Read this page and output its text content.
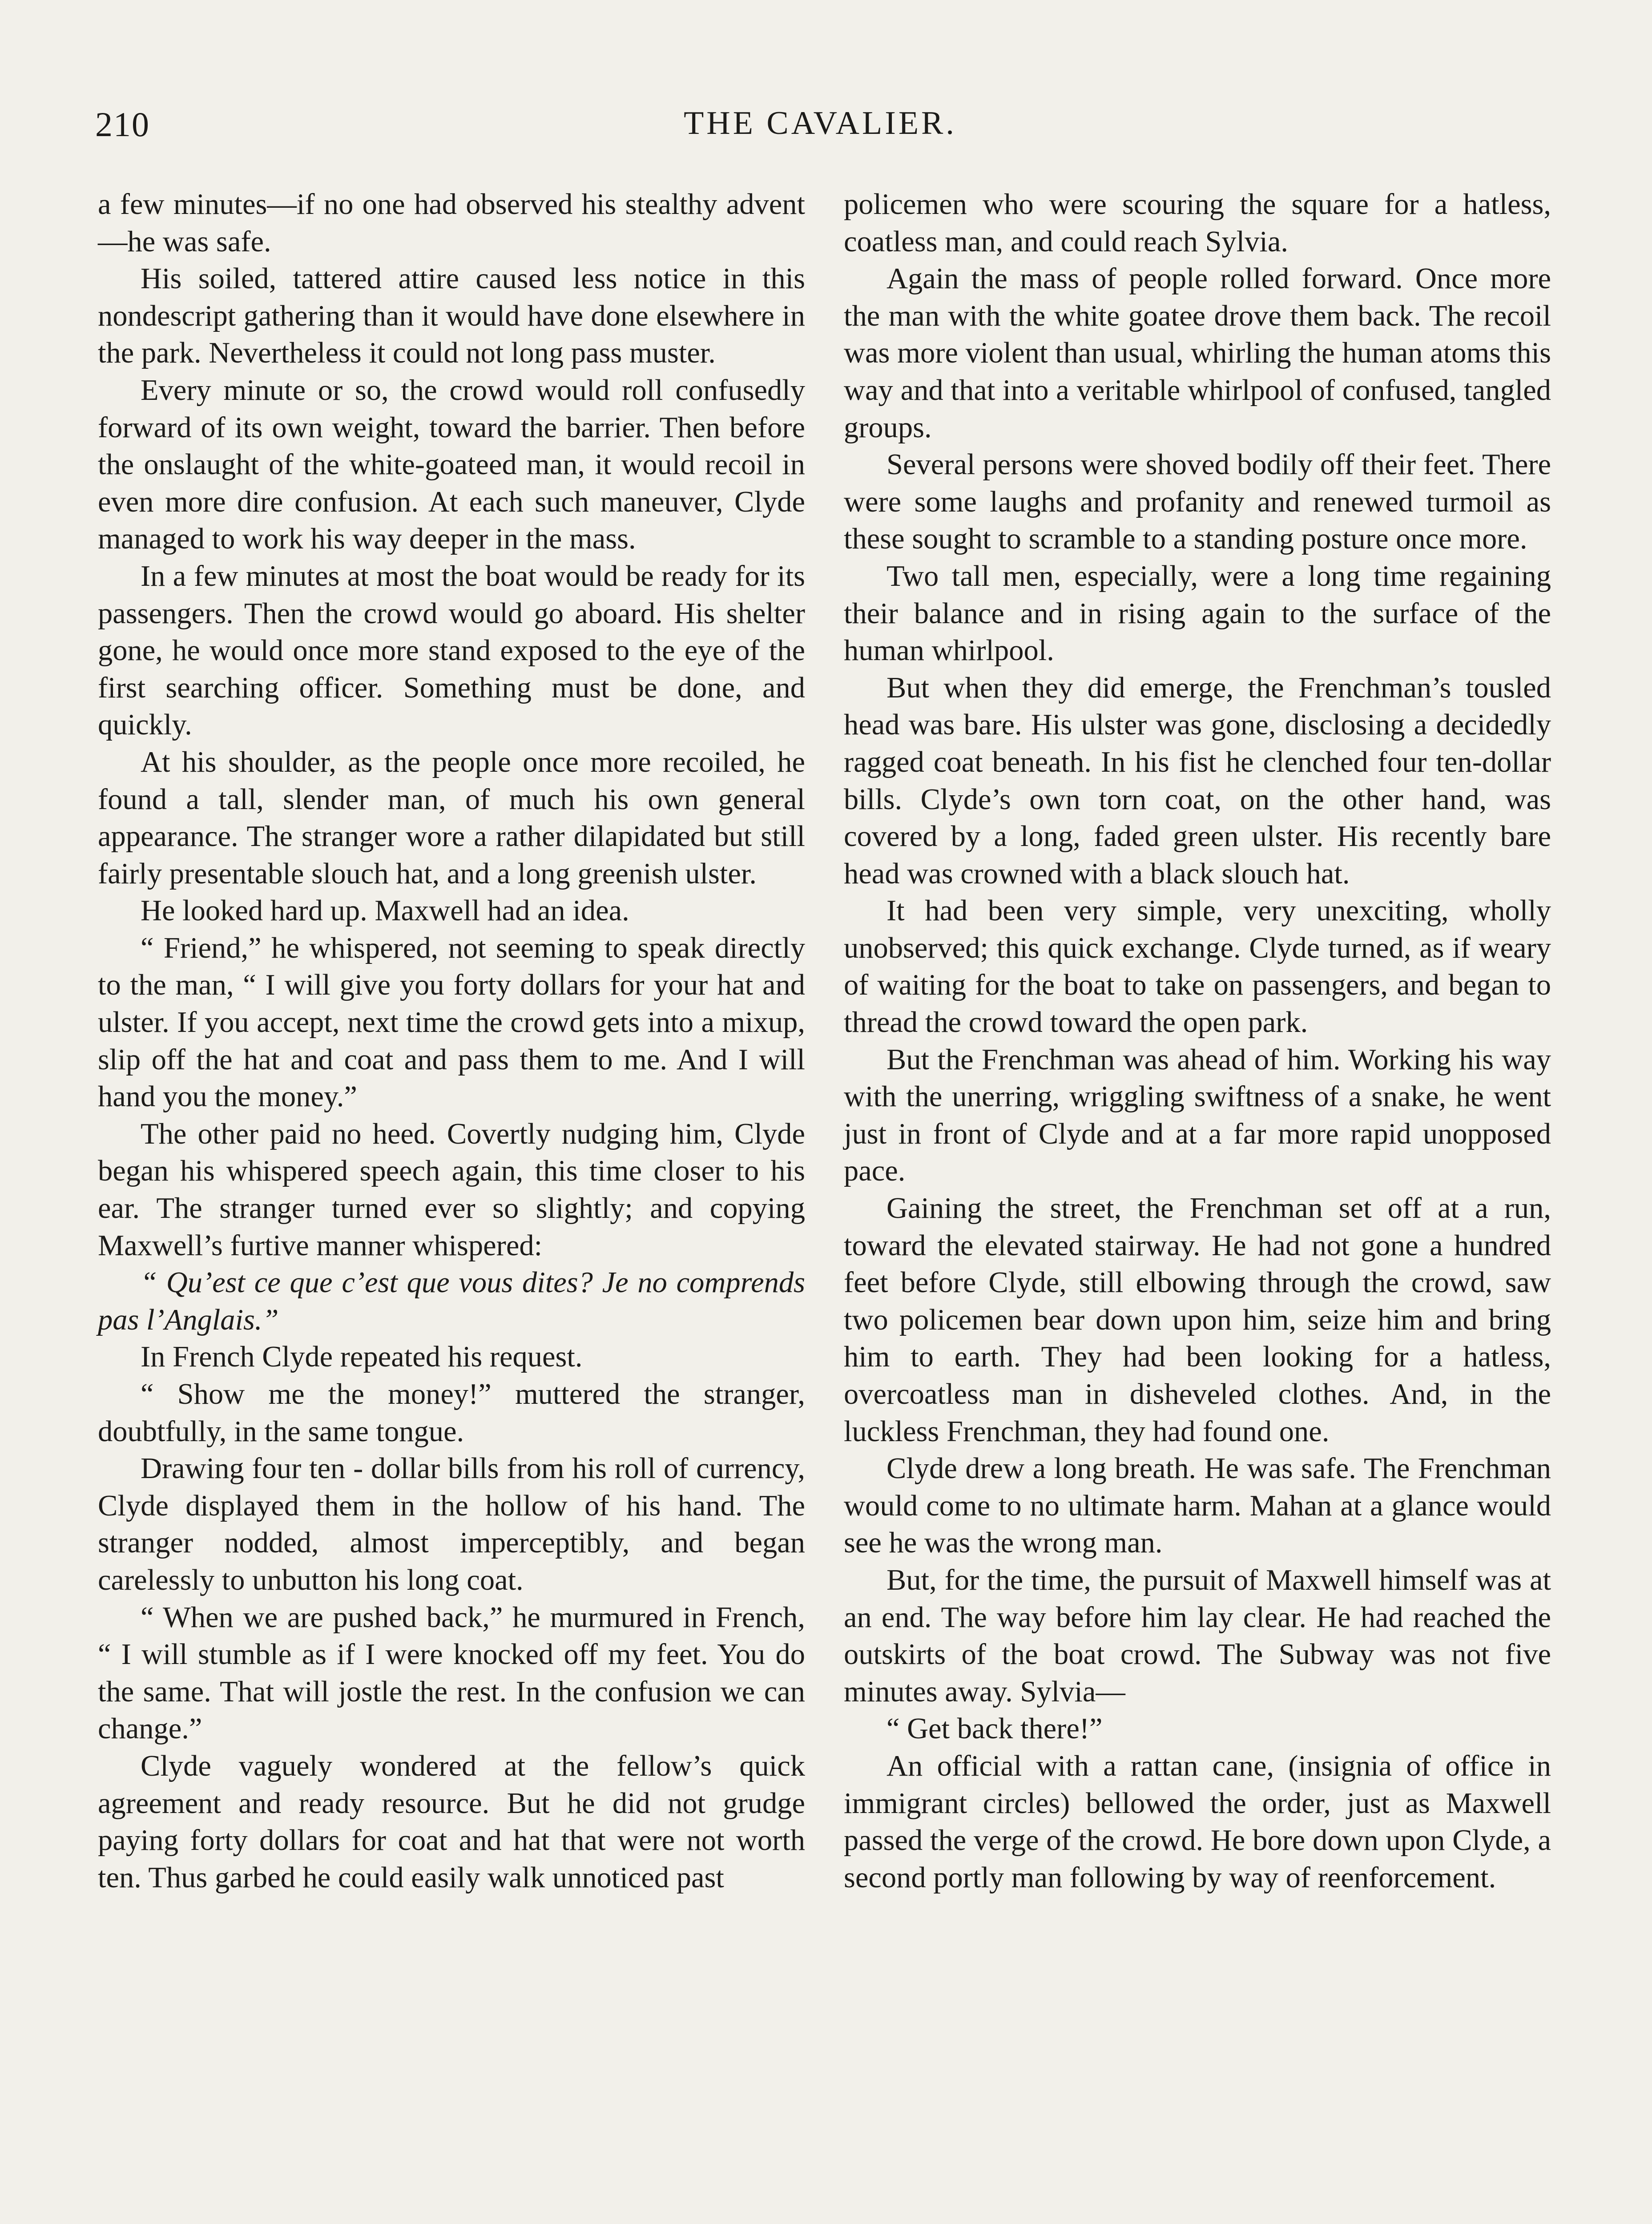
210	THE CAVALIER.

a few minutes—if no one had observed his stealthy advent—he was safe.

His soiled, tattered attire caused less notice in this nondescript gathering than it would have done elsewhere in the park. Nevertheless it could not long pass muster.

Every minute or so, the crowd would roll confusedly forward of its own weight, toward the barrier. Then before the onslaught of the white-goateed man, it would recoil in even more dire confusion. At each such maneuver, Clyde managed to work his way deeper in the mass.

In a few minutes at most the boat would be ready for its passengers. Then the crowd would go aboard. His shelter gone, he would once more stand exposed to the eye of the first searching officer. Something must be done, and quickly.

At his shoulder, as the people once more recoiled, he found a tall, slender man, of much his own general appearance. The stranger wore a rather dilapidated but still fairly presentable slouch hat, and a long greenish ulster.

He looked hard up. Maxwell had an idea.

“ Friend,” he whispered, not seeming to speak directly to the man, “ I will give you forty dollars for your hat and ulster. If you accept, next time the crowd gets into a mixup, slip off the hat and coat and pass them to me. And I will hand you the money.”

The other paid no heed. Covertly nudging him, Clyde began his whispered speech again, this time closer to his ear. The stranger turned ever so slightly; and copying Maxwell’s furtive manner whispered:

“ Qu’est ce que c’est que vous dites? Je no comprends pas l’Anglais.”

In French Clyde repeated his request.

“ Show me the money!” muttered the stranger, doubtfully, in the same tongue.

Drawing four ten - dollar bills from his roll of currency, Clyde displayed them in the hollow of his hand. The stranger nodded, almost imperceptibly, and began carelessly to unbutton his long coat.

“ When we are pushed back,” he murmured in French, “ I will stumble as if I were knocked off my feet. You do the same. That will jostle the rest. In the confusion we can change.”

Clyde vaguely wondered at the fellow’s quick agreement and ready resource. But he did not grudge paying forty dollars for coat and hat that were not worth ten. Thus garbed he could easily walk unnoticed past

policemen who were scouring the square for a hatless, coatless man, and could reach Sylvia.

Again the mass of people rolled forward. Once more the man with the white goatee drove them back. The recoil was more violent than usual, whirling the human atoms this way and that into a veritable whirlpool of confused, tangled groups.

Several persons were shoved bodily off their feet. There were some laughs and profanity and renewed turmoil as these sought to scramble to a standing posture once more.

Two tall men, especially, were a long time regaining their balance and in rising again to the surface of the human whirlpool.

But when they did emerge, the Frenchman’s tousled head was bare. His ulster was gone, disclosing a decidedly ragged coat beneath. In his fist he clenched four ten-dollar bills. Clyde’s own torn coat, on the other hand, was covered by a long, faded green ulster. His recently bare head was crowned with a black slouch hat.

It had been very simple, very unexciting, wholly unobserved; this quick exchange. Clyde turned, as if weary of waiting for the boat to take on passengers, and began to thread the crowd toward the open park.

But the Frenchman was ahead of him. Working his way with the unerring, wriggling swiftness of a snake, he went just in front of Clyde and at a far more rapid unopposed pace.

Gaining the street, the Frenchman set off at a run, toward the elevated stairway. He had not gone a hundred feet before Clyde, still elbowing through the crowd, saw two policemen bear down upon him, seize him and bring him to earth. They had been looking for a hatless, overcoatless man in disheveled clothes. And, in the luckless Frenchman, they had found one.

Clyde drew a long breath. He was safe. The Frenchman would come to no ultimate harm. Mahan at a glance would see he was the wrong man.

But, for the time, the pursuit of Maxwell himself was at an end. The way before him lay clear. He had reached the outskirts of the boat crowd. The Subway was not five minutes away. Sylvia—

“ Get back there!”

An official with a rattan cane, (insignia of office in immigrant circles) bellowed the order, just as Maxwell passed the verge of the crowd. He bore down upon Clyde, a second portly man following by way of reenforcement.
